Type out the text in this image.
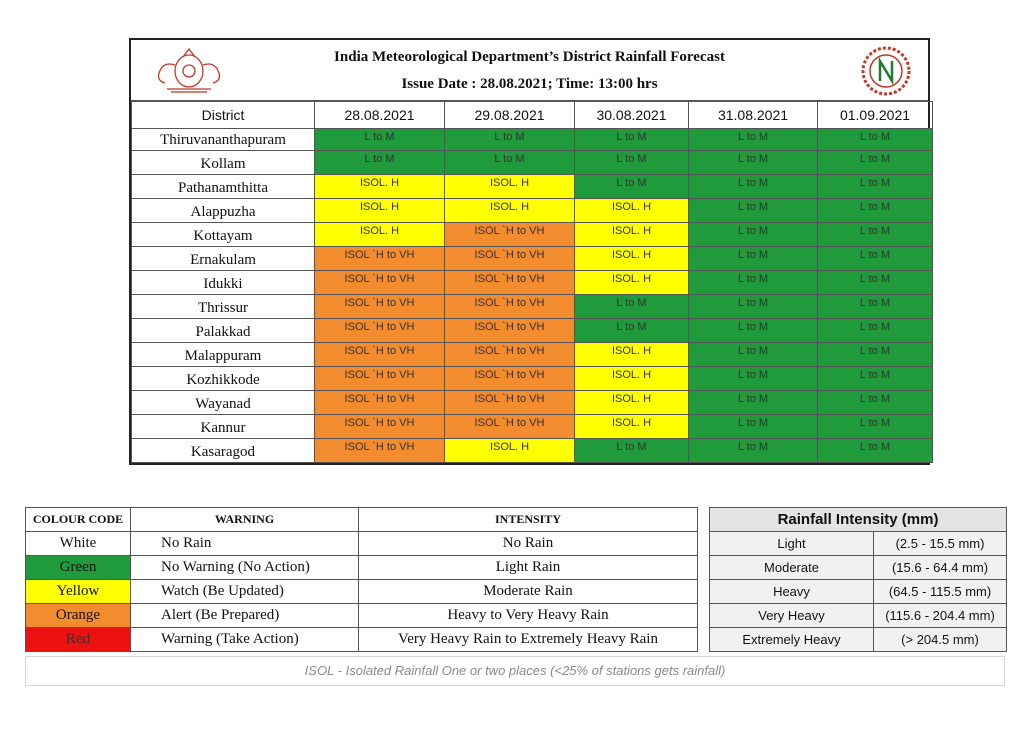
India Meteorological Department’s District Rainfall Forecast
Issue Date : 28.08.2021; Time: 13:00 hrs
District	28.08.2021	29.08.2021	30.08.2021	31.08.2021	01.09.2021
Thiruvananthapuram	L to M	L to M	L to M	L to M	L to M
Kollam	L to M	L to M	L to M	L to M	L to M
Pathanamthitta	ISOL. H	ISOL. H	L to M	L to M	L to M
Alappuzha	ISOL. H	ISOL. H	ISOL. H	L to M	L to M
Kottayam	ISOL. H	ISOL `H to VH	ISOL. H	L to M	L to M
Ernakulam	ISOL `H to VH	ISOL `H to VH	ISOL. H	L to M	L to M
Idukki	ISOL `H to VH	ISOL `H to VH	ISOL. H	L to M	L to M
Thrissur	ISOL `H to VH	ISOL `H to VH	L to M	L to M	L to M
Palakkad	ISOL `H to VH	ISOL `H to VH	L to M	L to M	L to M
Malappuram	ISOL `H to VH	ISOL `H to VH	ISOL. H	L to M	L to M
Kozhikkode	ISOL `H to VH	ISOL `H to VH	ISOL. H	L to M	L to M
Wayanad	ISOL `H to VH	ISOL `H to VH	ISOL. H	L to M	L to M
Kannur	ISOL `H to VH	ISOL `H to VH	ISOL. H	L to M	L to M
Kasaragod	ISOL `H to VH	ISOL. H	L to M	L to M	L to M
COLOUR CODE	WARNING	INTENSITY
White	No Rain	No Rain
Green	No Warning (No Action)	Light Rain
Yellow	Watch (Be Updated)	Moderate Rain
Orange	Alert (Be Prepared)	Heavy to Very Heavy Rain
Red	Warning (Take Action)	Very Heavy Rain to Extremely Heavy Rain
Rainfall Intensity (mm)	
Light	(2.5 - 15.5 mm)
Moderate	(15.6 - 64.4 mm)
Heavy	(64.5 - 115.5 mm)
Very Heavy	(115.6 - 204.4 mm)
Extremely Heavy	(> 204.5 mm)
ISOL - Isolated Rainfall One or two places (<25% of stations gets rainfall)
